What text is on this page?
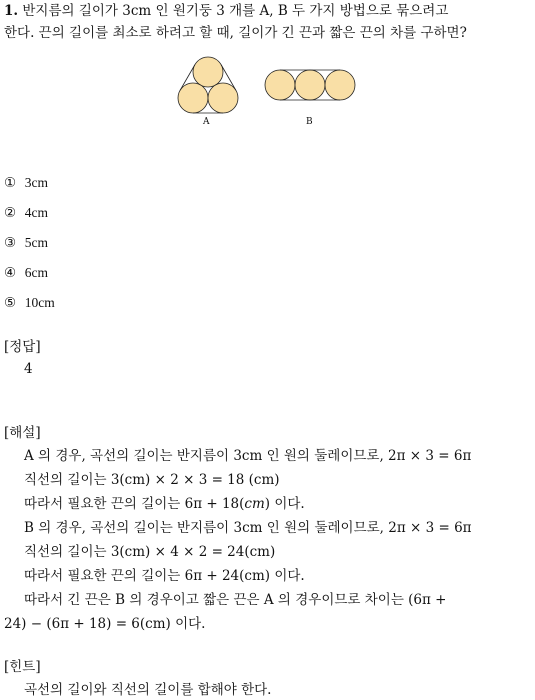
1. 반지름의 길이가 3cm 인 원기둥 3 개를 A, B 두 가지 방법으로 묶으려고
한다. 끈의 길이를 최소로 하려고 할 때, 길이가 긴 끈과 짧은 끈의 차를 구하면?
A	B
① 3cm
② 4cm
③ 5cm
④ 6cm
⑤ 10cm
[정답]
4
[해설]
A 의 경우, 곡선의 길이는 반지름이 3cm 인 원의 둘레이므로, 2π × 3 = 6π
직선의 길이는 3(cm) × 2 × 3 = 18 (cm)
따라서 필요한 끈의 길이는 6π + 18(cm) 이다.
B 의 경우, 곡선의 길이는 반지름이 3cm 인 원의 둘레이므로, 2π × 3 = 6π
직선의 길이는 3(cm) × 4 × 2 = 24(cm)
따라서 필요한 끈의 길이는 6π + 24(cm) 이다.
따라서 긴 끈은 B 의 경우이고 짧은 끈은 A 의 경우이므로 차이는 (6π +
24) − (6π + 18) = 6(cm) 이다.
[힌트]
곡선의 길이와 직선의 길이를 합해야 한다.
